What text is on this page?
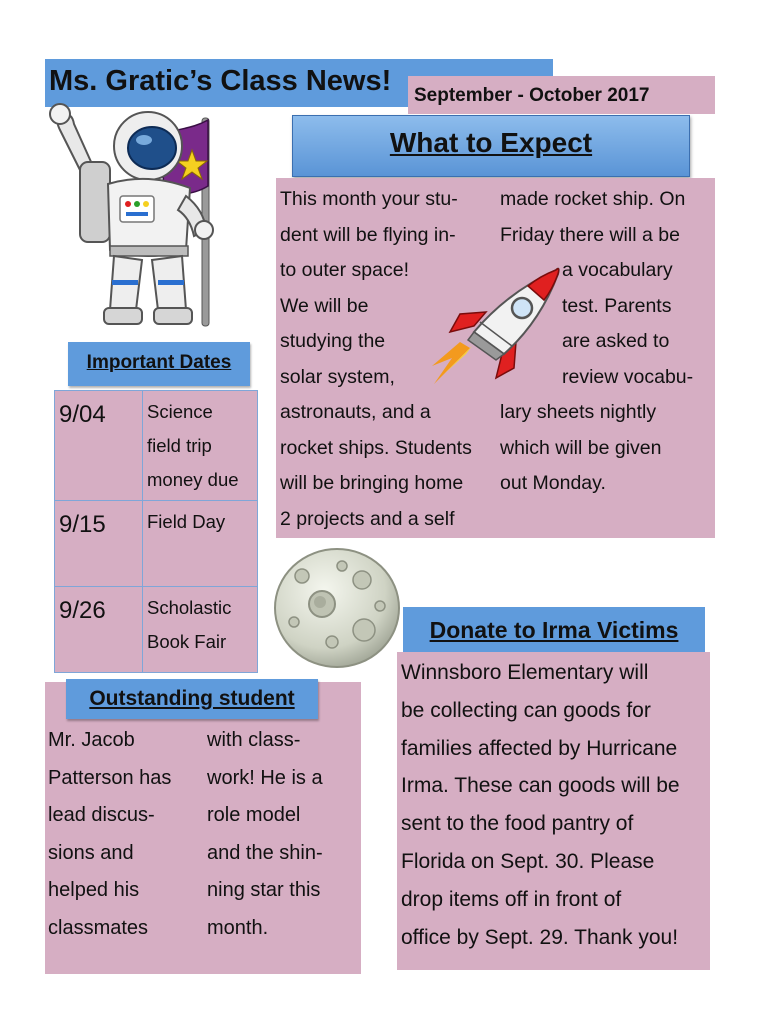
Ms. Gratic’s Class News! September - October 2017
What to Expect
This month your stu-
dent will be flying in-
to outer space!
We will be
studying the
solar system,
astronauts, and a
rocket ships. Students
will be bringing home
2 projects and a self
made rocket ship. On
Friday there will a be
a vocabulary
test. Parents
are asked to
review vocabu-
lary sheets nightly
which will be given
out Monday.
Important Dates
9/04	Science
field trip
money due

9/15	Field Day

9/26	Scholastic
Book Fair
Outstanding student
Mr. Jacob
Patterson has
lead discus-
sions and
helped his
classmates
with class-
work! He is a
role model
and the shin-
ning star this
month.
Donate to Irma Victims
Winnsboro Elementary will
be collecting can goods for
families affected by Hurricane
Irma. These can goods will be
sent to the food pantry of
Florida on Sept. 30. Please
drop items off in front of
office by Sept. 29. Thank you!
